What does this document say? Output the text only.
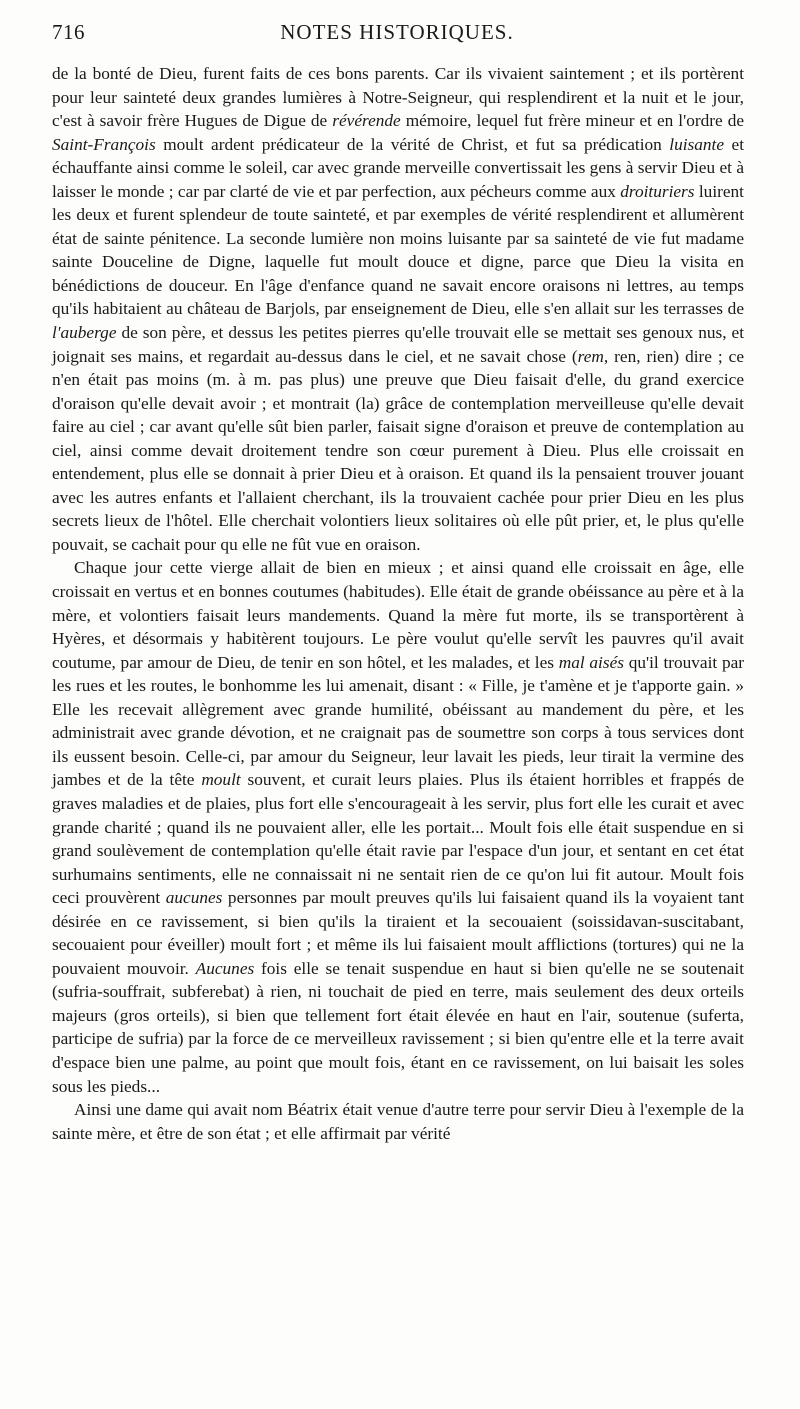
716	NOTES HISTORIQUES.

de la bonté de Dieu, furent faits de ces bons parents. Car ils vivaient saintement ; et ils portèrent pour leur sainteté deux grandes lumières à Notre-Seigneur, qui resplendirent et la nuit et le jour, c'est à savoir frère Hugues de Digue de révérende mémoire, lequel fut frère mineur et en l'ordre de Saint-François moult ardent prédicateur de la vérité de Christ, et fut sa prédication luisante et échauffante ainsi comme le soleil, car avec grande merveille convertissait les gens à servir Dieu et à laisser le monde ; car par clarté de vie et par perfection, aux pécheurs comme aux droituriers luirent les deux et furent splendeur de toute sainteté, et par exemples de vérité resplendirent et allumèrent état de sainte pénitence. La seconde lumière non moins luisante par sa sainteté de vie fut madame sainte Douceline de Digne, laquelle fut moult douce et digne, parce que Dieu la visita en bénédictions de douceur. En l'âge d'enfance quand ne savait encore oraisons ni lettres, au temps qu'ils habitaient au château de Barjols, par enseignement de Dieu, elle s'en allait sur les terrasses de l'auberge de son père, et dessus les petites pierres qu'elle trouvait elle se mettait ses genoux nus, et joignait ses mains, et regardait au-dessus dans le ciel, et ne savait chose (rem, ren, rien) dire ; ce n'en était pas moins (m. à m. pas plus) une preuve que Dieu faisait d'elle, du grand exercice d'oraison qu'elle devait avoir ; et montrait (la) grâce de contemplation merveilleuse qu'elle devait faire au ciel ; car avant qu'elle sût bien parler, faisait signe d'oraison et preuve de contemplation au ciel, ainsi comme devait droitement tendre son cœur purement à Dieu. Plus elle croissait en entendement, plus elle se donnait à prier Dieu et à oraison. Et quand ils la pensaient trouver jouant avec les autres enfants et l'allaient cherchant, ils la trouvaient cachée pour prier Dieu en les plus secrets lieux de l'hôtel. Elle cherchait volontiers lieux solitaires où elle pût prier, et, le plus qu'elle pouvait, se cachait pour qu elle ne fût vue en oraison.

Chaque jour cette vierge allait de bien en mieux ; et ainsi quand elle croissait en âge, elle croissait en vertus et en bonnes coutumes (habitudes). Elle était de grande obéissance au père et à la mère, et volontiers faisait leurs mandements. Quand la mère fut morte, ils se transportèrent à Hyères, et désormais y habitèrent toujours. Le père voulut qu'elle servît les pauvres qu'il avait coutume, par amour de Dieu, de tenir en son hôtel, et les malades, et les mal aisés qu'il trouvait par les rues et les routes, le bonhomme les lui amenait, disant : « Fille, je t'amène et je t'apporte gain. » Elle les recevait allègrement avec grande humilité, obéissant au mandement du père, et les administrait avec grande dévotion, et ne craignait pas de soumettre son corps à tous services dont ils eussent besoin. Celle-ci, par amour du Seigneur, leur lavait les pieds, leur tirait la vermine des jambes et de la tête moult souvent, et curait leurs plaies. Plus ils étaient horribles et frappés de graves maladies et de plaies, plus fort elle s'encourageait à les servir, plus fort elle les curait et avec grande charité ; quand ils ne pouvaient aller, elle les portait... Moult fois elle était suspendue en si grand soulèvement de contemplation qu'elle était ravie par l'espace d'un jour, et sentant en cet état surhumains sentiments, elle ne connaissait ni ne sentait rien de ce qu'on lui fit autour. Moult fois ceci prouvèrent aucunes personnes par moult preuves qu'ils lui faisaient quand ils la voyaient tant désirée en ce ravissement, si bien qu'ils la tiraient et la secouaient (soissidavan-suscitabant, secouaient pour éveiller) moult fort ; et même ils lui faisaient moult afflictions (tortures) qui ne la pouvaient mouvoir. Aucunes fois elle se tenait suspendue en haut si bien qu'elle ne se soutenait (sufria-souffrait, subferebat) à rien, ni touchait de pied en terre, mais seulement des deux orteils majeurs (gros orteils), si bien que tellement fort était élevée en haut en l'air, soutenue (suferta, participe de sufria) par la force de ce merveilleux ravissement ; si bien qu'entre elle et la terre avait d'espace bien une palme, au point que moult fois, étant en ce ravissement, on lui baisait les soles sous les pieds...

Ainsi une dame qui avait nom Béatrix était venue d'autre terre pour servir Dieu à l'exemple de la sainte mère, et être de son état ; et elle affirmait par vérité
